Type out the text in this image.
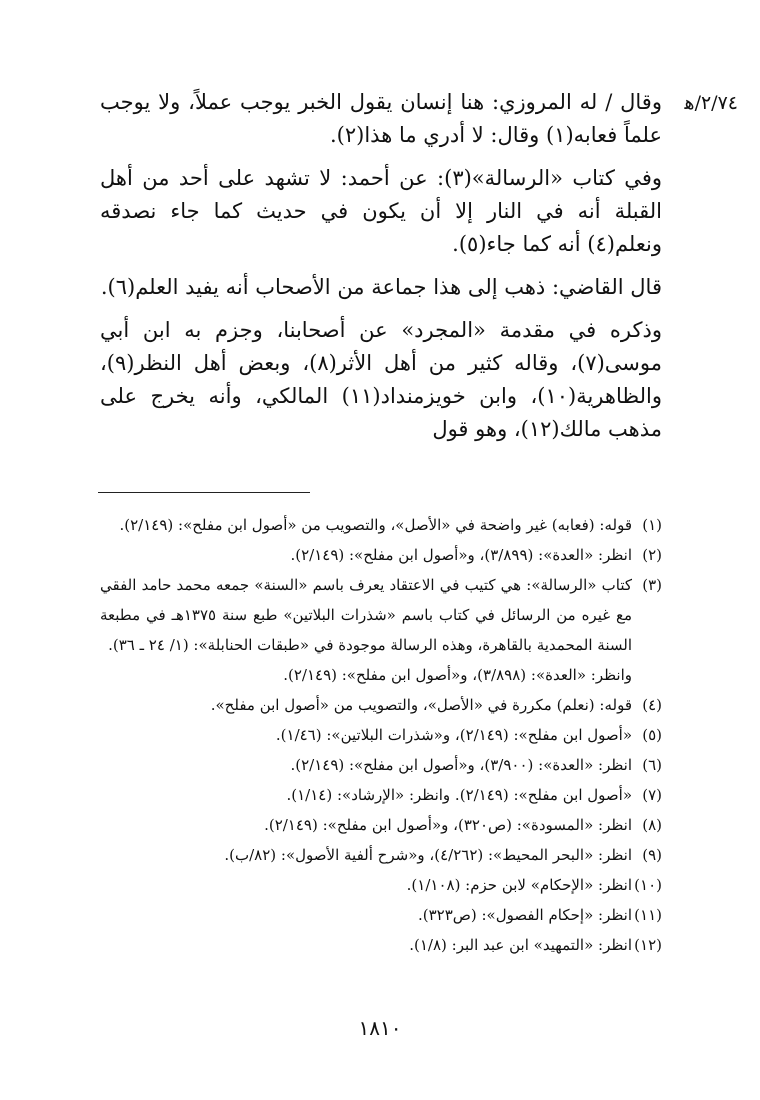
٢/٧٤/ﻫ

وقال / له المروزي: هنا إنسان يقول الخبر يوجب عملاً، ولا يوجب علماً فعابه(١) وقال: لا أدري ما هذا(٢).

وفي كتاب «الرسالة»(٣): عن أحمد: لا تشهد على أحد من أهل القبلة أنه في النار إلا أن يكون في حديث كما جاء نصدقه ونعلم(٤) أنه كما جاء(٥).

قال القاضي: ذهب إلى هذا جماعة من الأصحاب أنه يفيد العلم(٦).

وذكره في مقدمة «المجرد» عن أصحابنا، وجزم به ابن أبي موسى(٧)، وقاله كثير من أهل الأثر(٨)، وبعض أهل النظر(٩)، والظاهرية(١٠)، وابن خويزمنداد(١١) المالكي، وأنه يخرج على مذهب مالك(١٢)، وهو قول

(١)
قوله: (فعابه) غير واضحة في «الأصل»، والتصويب من «أصول ابن مفلح»: (٢/١٤٩).
(٢)
انظر: «العدة»: (٣/٨٩٩)، و«أصول ابن مفلح»: (٢/١٤٩).
(٣)
كتاب «الرسالة»: هي كتيب في الاعتقاد يعرف باسم «السنة» جمعه محمد حامد الفقي مع غيره من الرسائل في كتاب باسم «شذرات البلاتين» طبع سنة ١٣٧٥هـ في مطبعة السنة المحمدية بالقاهرة، وهذه الرسالة موجودة في «طبقات الحنابلة»: (١/ ٢٤ ـ ٣٦).
وانظر: «العدة»: (٣/٨٩٨)، و«أصول ابن مفلح»: (٢/١٤٩).
(٤)
قوله: (نعلم) مكررة في «الأصل»، والتصويب من «أصول ابن مفلح».
(٥)
«أصول ابن مفلح»: (٢/١٤٩)، و«شذرات البلاتين»: (١/٤٦).
(٦)
انظر: «العدة»: (٣/٩٠٠)، و«أصول ابن مفلح»: (٢/١٤٩).
(٧)
«أصول ابن مفلح»: (٢/١٤٩). وانظر: «الإرشاد»: (١/١٤).
(٨)
انظر: «المسودة»: (ص٣٢٠)، و«أصول ابن مفلح»: (٢/١٤٩).
(٩)
انظر: «البحر المحيط»: (٤/٢٦٢)، و«شرح ألفية الأصول»: (٨٢/ب).
(١٠)
انظر: «الإحكام» لابن حزم: (١/١٠٨).
(١١)
انظر: «إحكام الفصول»: (ص٣٢٣).
(١٢)
انظر: «التمهيد» ابن عبد البر: (١/٨).
١٨١٠
